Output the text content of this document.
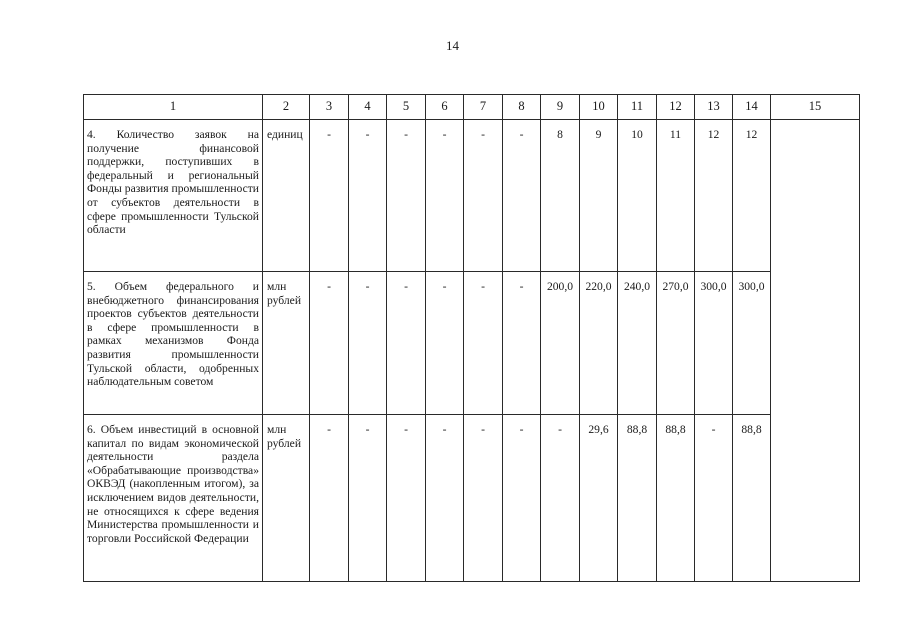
14
1	2	3	4	5	6	7	8	9	10	11	12	13	14	15
4. Количество заявок на получение финансовой поддержки, поступивших в федеральный и региональный Фонды развития промышленности от субъектов деятельности в сфере промышленности Тульской области	единиц	-	-	-	-	-	-	8	9	10	11	12	12	
5. Объем федерального и внебюджетного финансирования проектов субъектов деятельности в сфере промышленности в рамках механизмов Фонда развития промышленности Тульской области, одобренных наблюдательным советом	млн рублей	-	-	-	-	-	-	200,0	220,0	240,0	270,0	300,0	300,0	
6. Объем инвестиций в основной капитал по видам экономической деятельности раздела «Обрабатывающие производства» ОКВЭД (накопленным итогом), за исключением видов деятельности, не относящихся к сфере ведения Министерства промышленности и торговли Российской Федерации	млн рублей	-	-	-	-	-	-	-	29,6	88,8	88,8	-	88,8	
